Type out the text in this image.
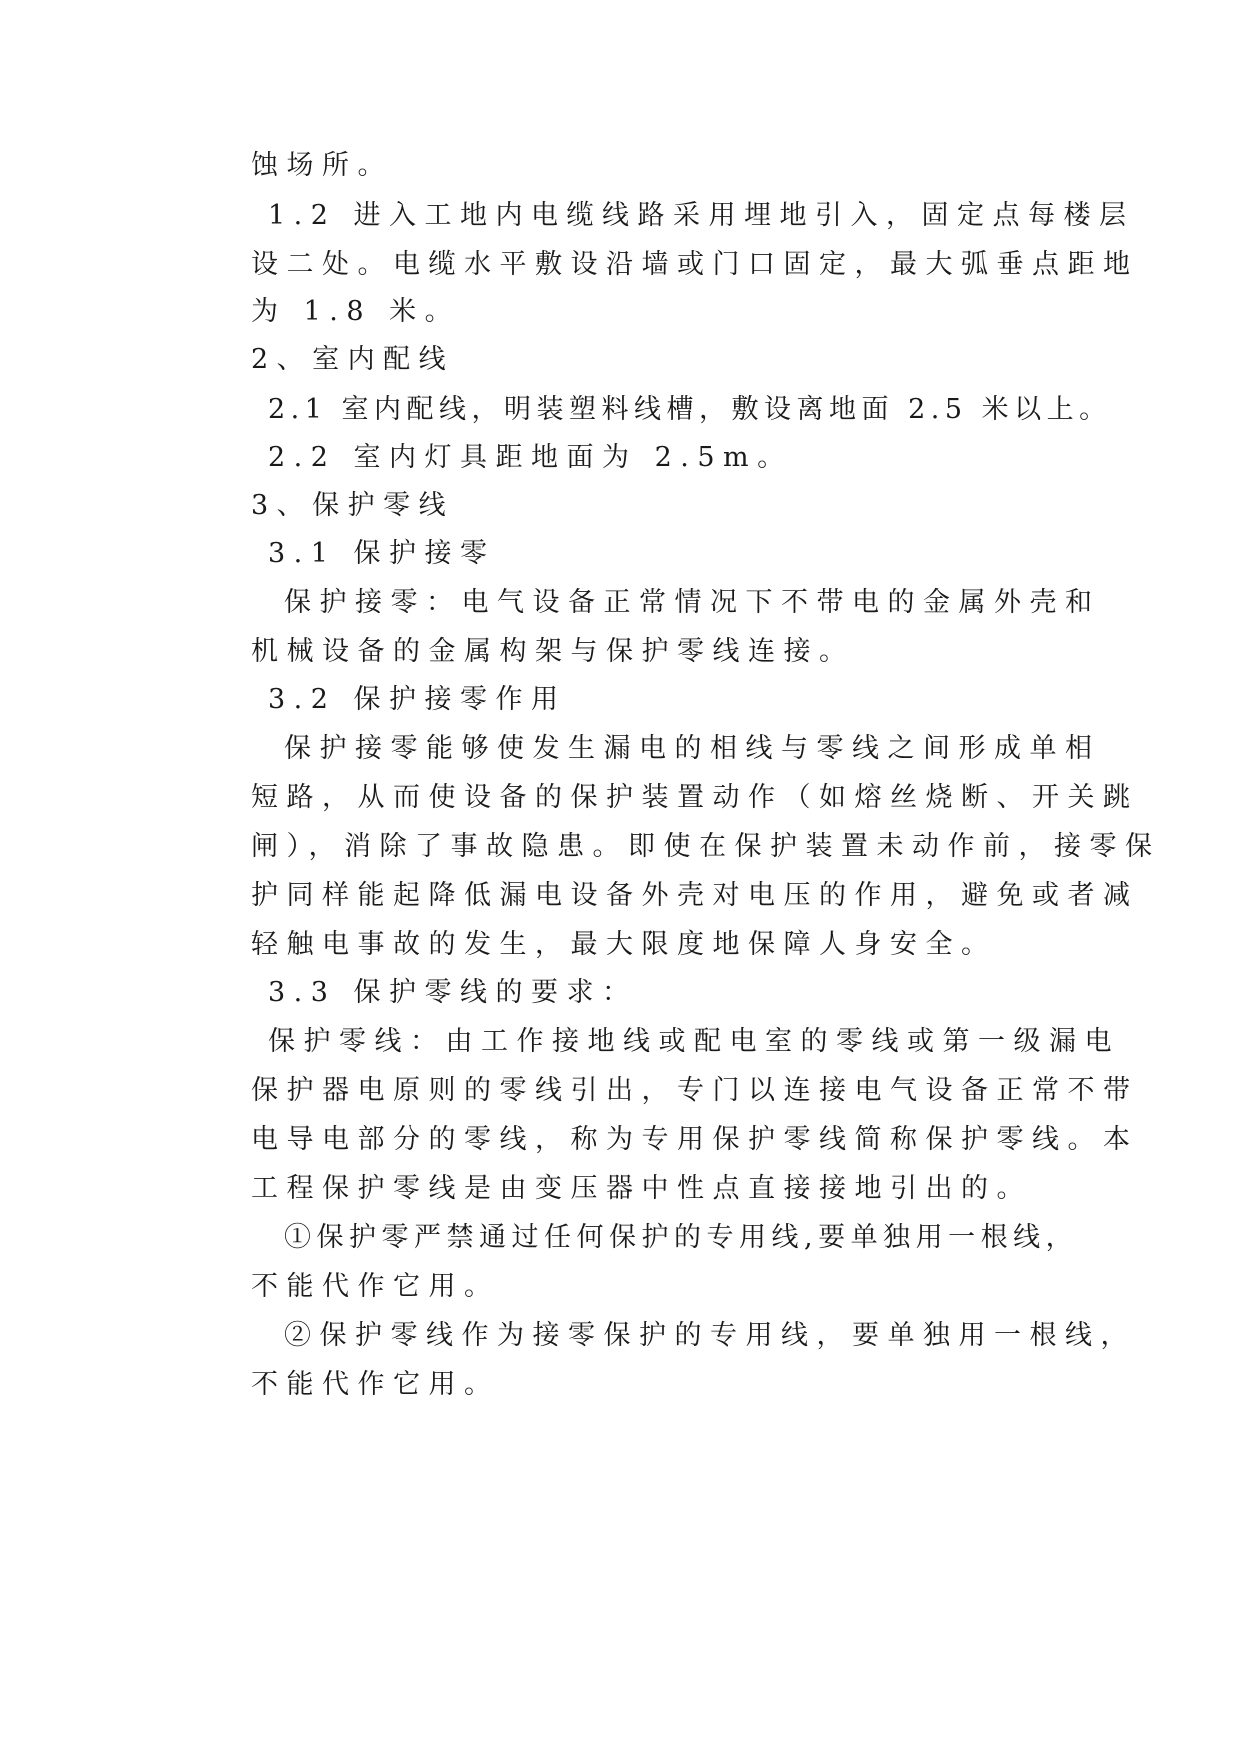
蚀场所。
1.2 进入工地内电缆线路采用埋地引入，固定点每楼层
设二处。电缆水平敷设沿墙或门口固定，最大弧垂点距地
为 1.8 米。
2、室内配线
2.1 室内配线，明装塑料线槽，敷设离地面 2.5 米以上。
2.2 室内灯具距地面为 2.5m。
3、保护零线
3.1 保护接零
保护接零：电气设备正常情况下不带电的金属外壳和
机械设备的金属构架与保护零线连接。
3.2 保护接零作用
保护接零能够使发生漏电的相线与零线之间形成单相
短路，从而使设备的保护装置动作（如熔丝烧断、开关跳
闸），消除了事故隐患。即使在保护装置未动作前，接零保
护同样能起降低漏电设备外壳对电压的作用，避免或者减
轻触电事故的发生，最大限度地保障人身安全。
3.3 保护零线的要求：
保护零线：由工作接地线或配电室的零线或第一级漏电
保护器电原则的零线引出，专门以连接电气设备正常不带
电导电部分的零线，称为专用保护零线简称保护零线。本
工程保护零线是由变压器中性点直接接地引出的。
①保护零严禁通过任何保护的专用线,要单独用一根线，
不能代作它用。
②保护零线作为接零保护的专用线，要单独用一根线，
不能代作它用。
